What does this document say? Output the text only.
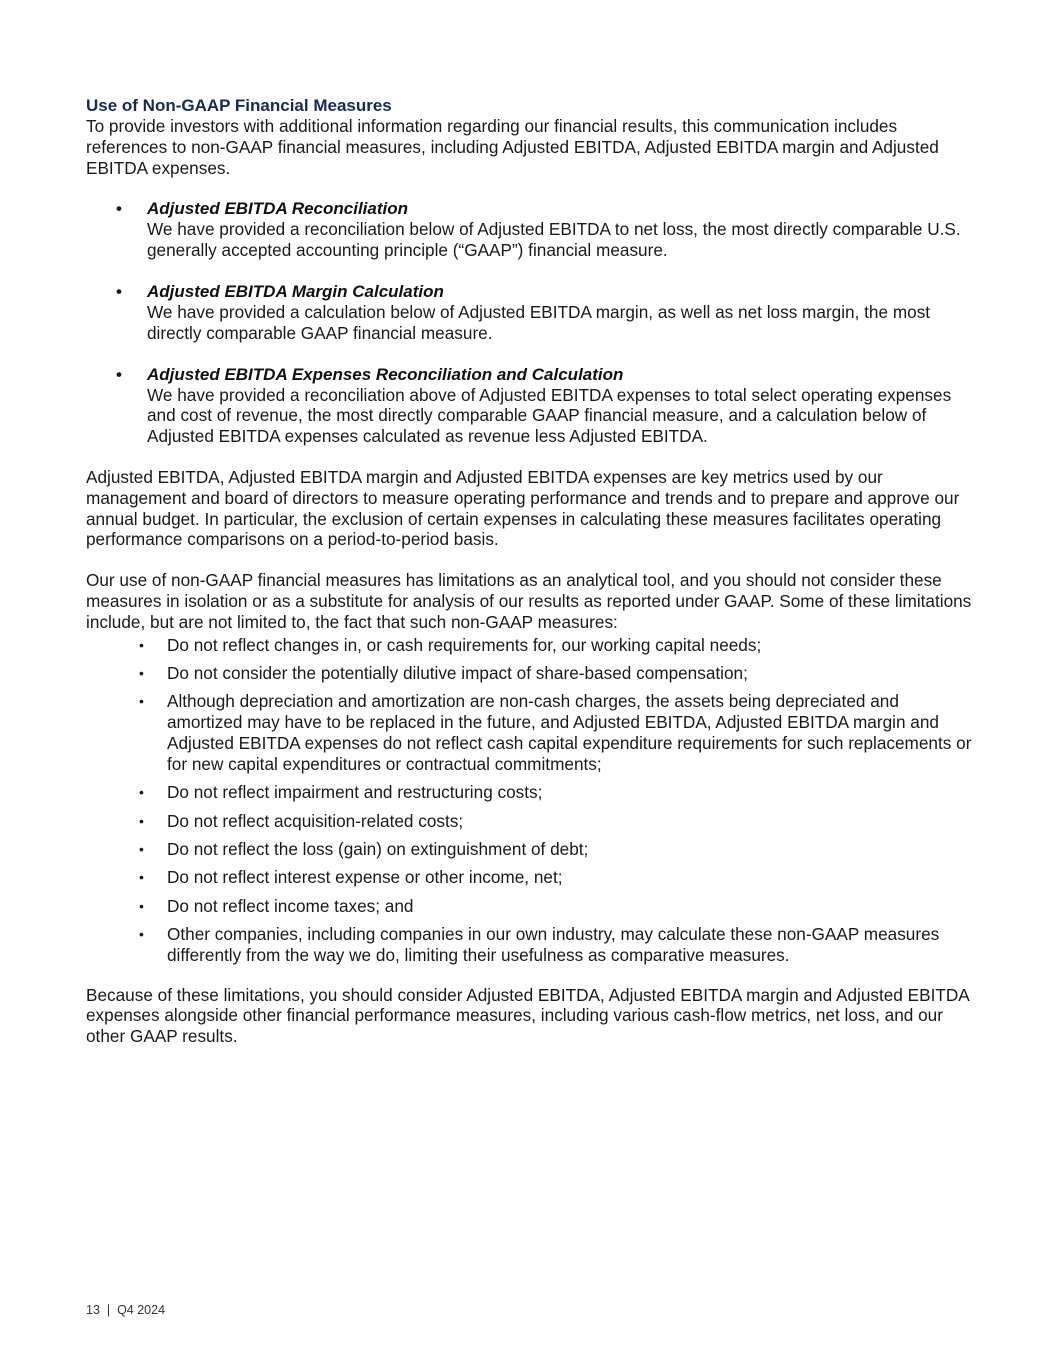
Use of Non-GAAP Financial Measures

To provide investors with additional information regarding our financial results, this communication includes references to non-GAAP financial measures, including Adjusted EBITDA, Adjusted EBITDA margin and Adjusted EBITDA expenses.

• Adjusted EBITDA Reconciliation

We have provided a reconciliation below of Adjusted EBITDA to net loss, the most directly comparable U.S. generally accepted accounting principle (“GAAP”) financial measure.

• Adjusted EBITDA Margin Calculation

We have provided a calculation below of Adjusted EBITDA margin, as well as net loss margin, the most directly comparable GAAP financial measure.

• Adjusted EBITDA Expenses Reconciliation and Calculation

We have provided a reconciliation above of Adjusted EBITDA expenses to total select operating expenses and cost of revenue, the most directly comparable GAAP financial measure, and a calculation below of Adjusted EBITDA expenses calculated as revenue less Adjusted EBITDA.

Adjusted EBITDA, Adjusted EBITDA margin and Adjusted EBITDA expenses are key metrics used by our management and board of directors to measure operating performance and trends and to prepare and approve our annual budget. In particular, the exclusion of certain expenses in calculating these measures facilitates operating performance comparisons on a period-to-period basis.

Our use of non-GAAP financial measures has limitations as an analytical tool, and you should not consider these measures in isolation or as a substitute for analysis of our results as reported under GAAP. Some of these limitations include, but are not limited to, the fact that such non-GAAP measures:

• Do not reflect changes in, or cash requirements for, our working capital needs;
• Do not consider the potentially dilutive impact of share-based compensation;
• Although depreciation and amortization are non-cash charges, the assets being depreciated and amortized may have to be replaced in the future, and Adjusted EBITDA, Adjusted EBITDA margin and Adjusted EBITDA expenses do not reflect cash capital expenditure requirements for such replacements or for new capital expenditures or contractual commitments;
• Do not reflect impairment and restructuring costs;
• Do not reflect acquisition-related costs;
• Do not reflect the loss (gain) on extinguishment of debt;
• Do not reflect interest expense or other income, net;
• Do not reflect income taxes; and
• Other companies, including companies in our own industry, may calculate these non-GAAP measures differently from the way we do, limiting their usefulness as comparative measures.

Because of these limitations, you should consider Adjusted EBITDA, Adjusted EBITDA margin and Adjusted EBITDA expenses alongside other financial performance measures, including various cash-flow metrics, net loss, and our other GAAP results.

13 | Q4 2024
